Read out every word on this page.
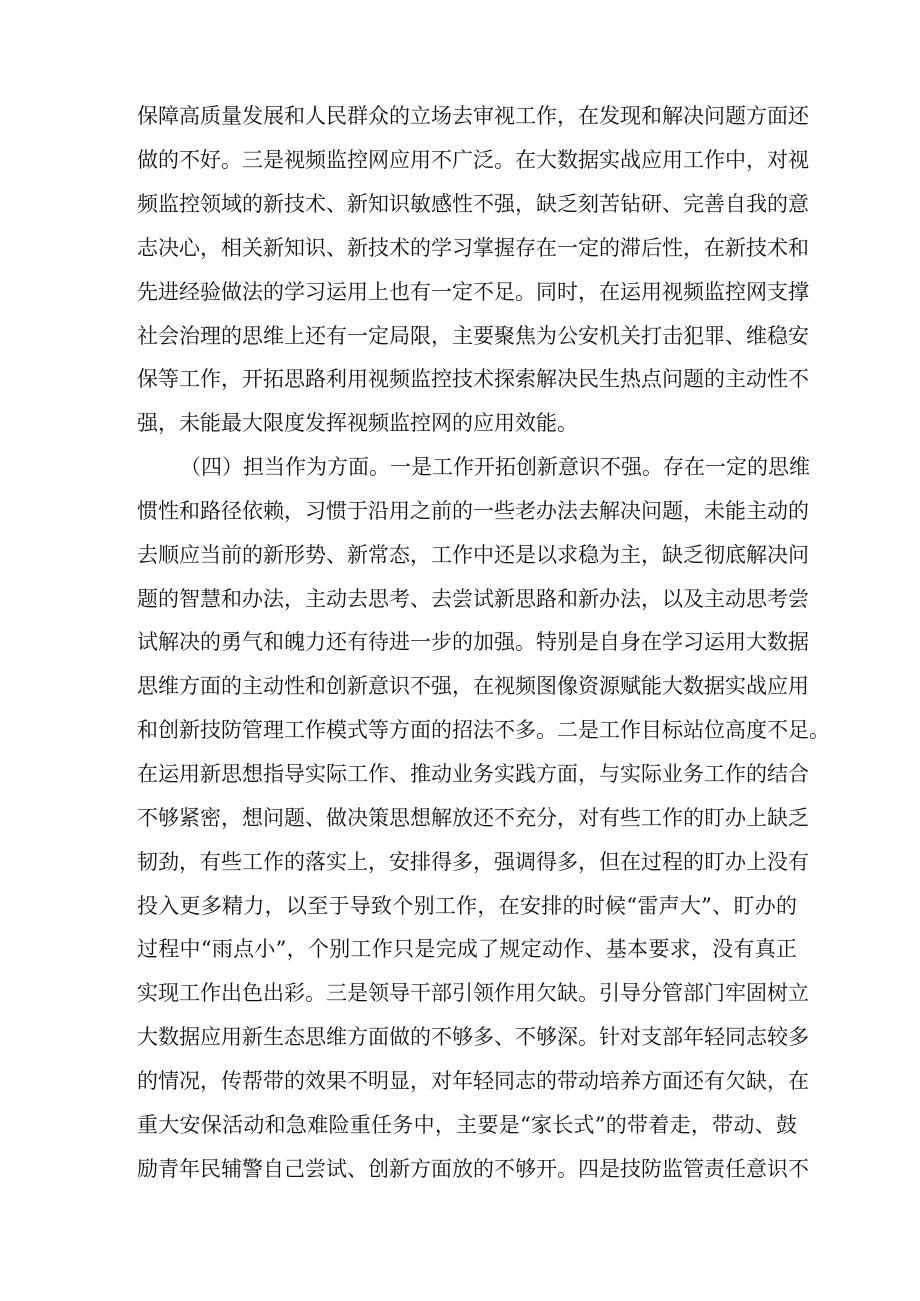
保障高质量发展和人民群众的立场去审视工作，在发现和解决问题方面还
做的不好。三是视频监控网应用不广泛。在大数据实战应用工作中，对视
频监控领域的新技术、新知识敏感性不强，缺乏刻苦钻研、完善自我的意
志决心，相关新知识、新技术的学习掌握存在一定的滞后性，在新技术和
先进经验做法的学习运用上也有一定不足。同时，在运用视频监控网支撑
社会治理的思维上还有一定局限，主要聚焦为公安机关打击犯罪、维稳安
保等工作，开拓思路利用视频监控技术探索解决民生热点问题的主动性不
强，未能最大限度发挥视频监控网的应用效能。
（四）担当作为方面。一是工作开拓创新意识不强。存在一定的思维
惯性和路径依赖，习惯于沿用之前的一些老办法去解决问题，未能主动的
去顺应当前的新形势、新常态，工作中还是以求稳为主，缺乏彻底解决问
题的智慧和办法，主动去思考、去尝试新思路和新办法，以及主动思考尝
试解决的勇气和魄力还有待进一步的加强。特别是自身在学习运用大数据
思维方面的主动性和创新意识不强，在视频图像资源赋能大数据实战应用
和创新技防管理工作模式等方面的招法不多。二是工作目标站位高度不足。
在运用新思想指导实际工作、推动业务实践方面，与实际业务工作的结合
不够紧密，想问题、做决策思想解放还不充分，对有些工作的盯办上缺乏
韧劲，有些工作的落实上，安排得多，强调得多，但在过程的盯办上没有
投入更多精力，以至于导致个别工作，在安排的时候“雷声大”、盯办的
过程中“雨点小”，个别工作只是完成了规定动作、基本要求，没有真正
实现工作出色出彩。三是领导干部引领作用欠缺。引导分管部门牢固树立
大数据应用新生态思维方面做的不够多、不够深。针对支部年轻同志较多
的情况，传帮带的效果不明显，对年轻同志的带动培养方面还有欠缺，在
重大安保活动和急难险重任务中，主要是“家长式”的带着走，带动、鼓
励青年民辅警自己尝试、创新方面放的不够开。四是技防监管责任意识不
